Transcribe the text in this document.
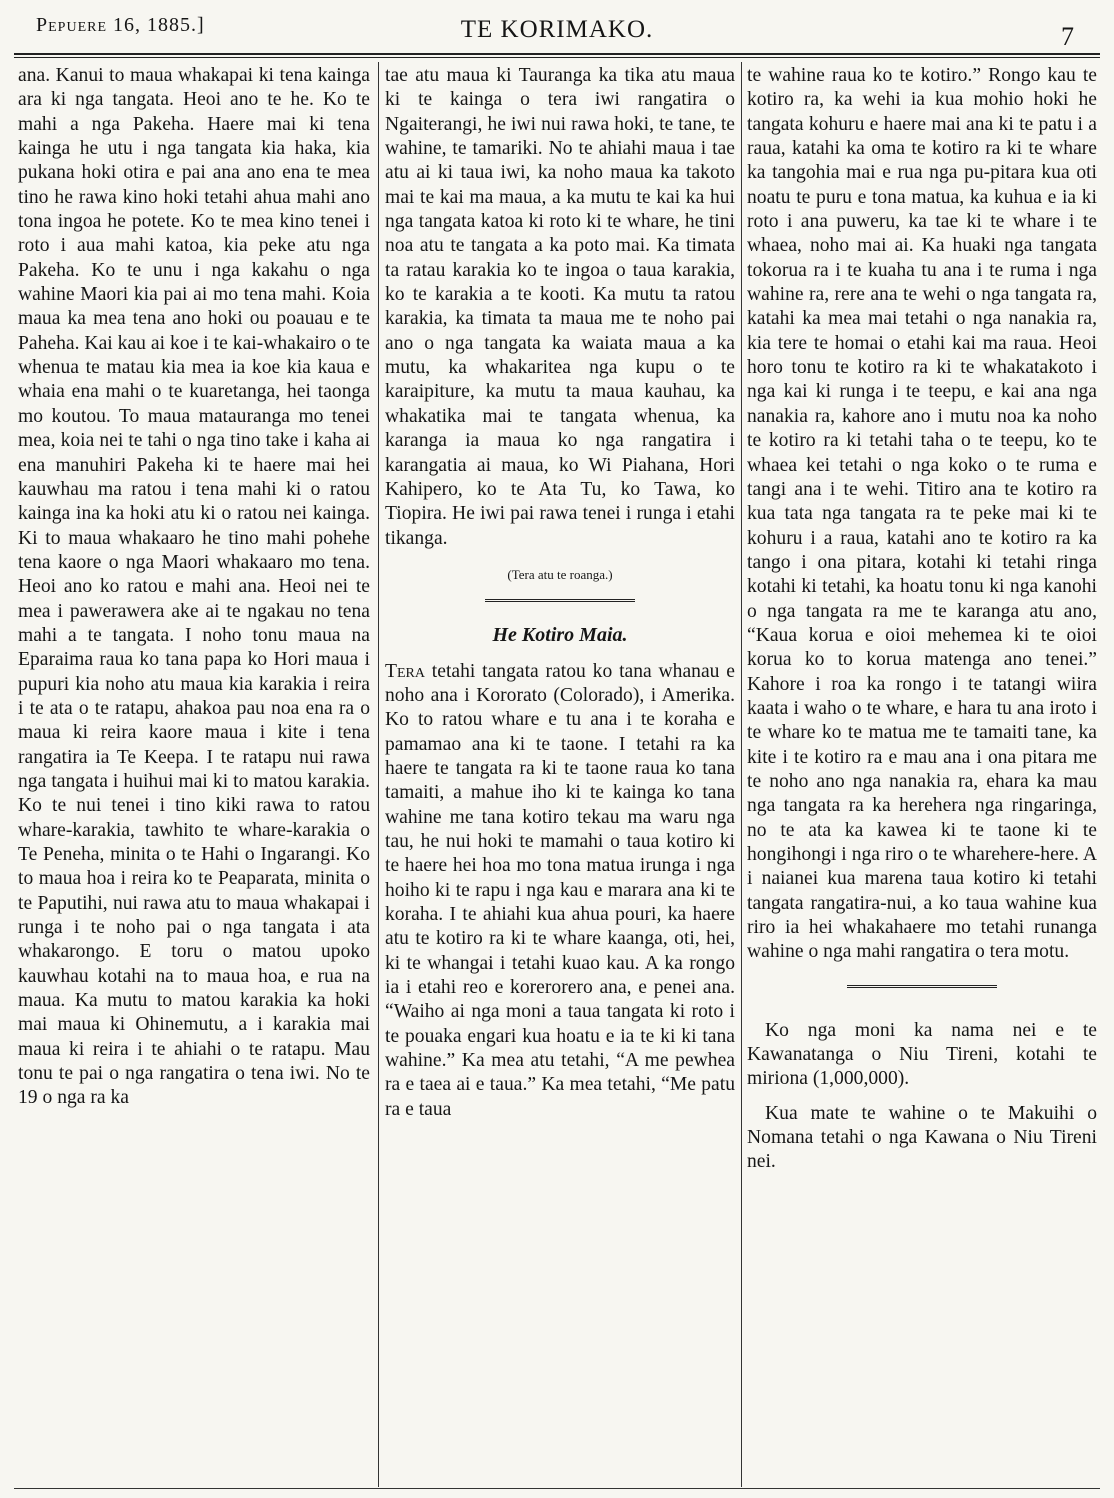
Pepuere 16, 1885.]	TE KORIMAKO.	7

ana. Kanui to maua whakapai ki tena kainga ara ki nga tangata. Heoi ano te he. Ko te mahi a nga Pakeha. Haere mai ki tena kainga he utu i nga tangata kia haka, kia pukana hoki otira e pai ana ano ena te mea tino he rawa kino hoki tetahi ahua mahi ano tona ingoa he potete. Ko te mea kino tenei i roto i aua mahi katoa, kia peke atu nga Pakeha. Ko te unu i nga kakahu o nga wahine Maori kia pai ai mo tena mahi. Koia maua ka mea tena ano hoki ou poauau e te Paheha. Kai kau ai koe i te kai-whakairo o te whenua te matau kia mea ia koe kia kaua e whaia ena mahi o te kuaretanga, hei taonga mo koutou. To maua matauranga mo tenei mea, koia nei te tahi o nga tino take i kaha ai ena manuhiri Pakeha ki te haere mai hei kauwhau ma ratou i tena mahi ki o ratou kainga ina ka hoki atu ki o ratou nei kainga. Ki to maua whakaaro he tino mahi pohehe tena kaore o nga Maori whakaaro mo tena. Heoi ano ko ratou e mahi ana. Heoi nei te mea i pawerawera ake ai te ngakau no tena mahi a te tangata. I noho tonu maua na Eparaima raua ko tana papa ko Hori maua i pupuri kia noho atu maua kia karakia i reira i te ata o te ratapu, ahakoa pau noa ena ra o maua ki reira kaore maua i kite i tena rangatira ia Te Keepa. I te ratapu nui rawa nga tangata i huihui mai ki to matou karakia. Ko te nui tenei i tino kiki rawa to ratou whare-karakia, tawhito te whare-karakia o Te Peneha, minita o te Hahi o Ingarangi. Ko to maua hoa i reira ko te Peaparata, minita o te Paputihi, nui rawa atu to maua whakapai i runga i te noho pai o nga tangata i ata whakarongo. E toru o matou upoko kauwhau kotahi na to maua hoa, e rua na maua. Ka mutu to matou karakia ka hoki mai maua ki Ohinemutu, a i karakia mai maua ki reira i te ahiahi o te ratapu. Mau tonu te pai o nga rangatira o tena iwi. No te 19 o nga ra ka

tae atu maua ki Tauranga ka tika atu maua ki te kainga o tera iwi rangatira o Ngaiterangi, he iwi nui rawa hoki, te tane, te wahine, te tamariki. No te ahiahi maua i tae atu ai ki taua iwi, ka noho maua ka takoto mai te kai ma maua, a ka mutu te kai ka hui nga tangata katoa ki roto ki te whare, he tini noa atu te tangata a ka poto mai. Ka timata ta ratau karakia ko te ingoa o taua karakia, ko te karakia a te kooti. Ka mutu ta ratou karakia, ka timata ta maua me te noho pai ano o nga tangata ka waiata maua a ka mutu, ka whakaritea nga kupu o te karaipiture, ka mutu ta maua kauhau, ka whakatika mai te tangata whenua, ka karanga ia maua ko nga rangatira i karangatia ai maua, ko Wi Piahana, Hori Kahipero, ko te Ata Tu, ko Tawa, ko Tiopira. He iwi pai rawa tenei i runga i etahi tikanga.

(Tera atu te roanga.)

He Kotiro Maia.

Tera tetahi tangata ratou ko tana whanau e noho ana i Kororato (Colorado), i Amerika. Ko to ratou whare e tu ana i te koraha e pamamao ana ki te taone. I tetahi ra ka haere te tangata ra ki te taone raua ko tana tamaiti, a mahue iho ki te kainga ko tana wahine me tana kotiro tekau ma waru nga tau, he nui hoki te mamahi o taua kotiro ki te haere hei hoa mo tona matua irunga i nga hoiho ki te rapu i nga kau e marara ana ki te koraha. I te ahiahi kua ahua pouri, ka haere atu te kotiro ra ki te whare kaanga, oti, hei, ki te whangai i tetahi kuao kau. A ka rongo ia i etahi reo e korerorero ana, e penei ana. “Waiho ai nga moni a taua tangata ki roto i te pouaka engari kua hoatu e ia te ki ki tana wahine.” Ka mea atu tetahi, “A me pewhea ra e taea ai e taua.” Ka mea tetahi, “Me patu ra e taua

te wahine raua ko te kotiro.” Rongo kau te kotiro ra, ka wehi ia kua mohio hoki he tangata kohuru e haere mai ana ki te patu i a raua, katahi ka oma te kotiro ra ki te whare ka tangohia mai e rua nga pu-pitara kua oti noatu te puru e tona matua, ka kuhua e ia ki roto i ana puweru, ka tae ki te whare i te whaea, noho mai ai. Ka huaki nga tangata tokorua ra i te kuaha tu ana i te ruma i nga wahine ra, rere ana te wehi o nga tangata ra, katahi ka mea mai tetahi o nga nanakia ra, kia tere te homai o etahi kai ma raua. Heoi horo tonu te kotiro ra ki te whakatakoto i nga kai ki runga i te teepu, e kai ana nga nanakia ra, kahore ano i mutu noa ka noho te kotiro ra ki tetahi taha o te teepu, ko te whaea kei tetahi o nga koko o te ruma e tangi ana i te wehi. Titiro ana te kotiro ra kua tata nga tangata ra te peke mai ki te kohuru i a raua, katahi ano te kotiro ra ka tango i ona pitara, kotahi ki tetahi ringa kotahi ki tetahi, ka hoatu tonu ki nga kanohi o nga tangata ra me te karanga atu ano, “Kaua korua e oioi mehemea ki te oioi korua ko to korua matenga ano tenei.” Kahore i roa ka rongo i te tatangi wiira kaata i waho o te whare, e hara tu ana iroto i te whare ko te matua me te tamaiti tane, ka kite i te kotiro ra e mau ana i ona pitara me te noho ano nga nanakia ra, ehara ka mau nga tangata ra ka herehera nga ringaringa, no te ata ka kawea ki te taone ki te hongihongi i nga riro o te wharehere-here. A i naianei kua marena taua kotiro ki tetahi tangata rangatira-nui, a ko taua wahine kua riro ia hei whakahaere mo tetahi runanga wahine o nga mahi rangatira o tera motu.

Ko nga moni ka nama nei e te Kawanatanga o Niu Tireni, kotahi te miriona (1,000,000).

Kua mate te wahine o te Makuihi o Nomana tetahi o nga Kawana o Niu Tireni nei.
